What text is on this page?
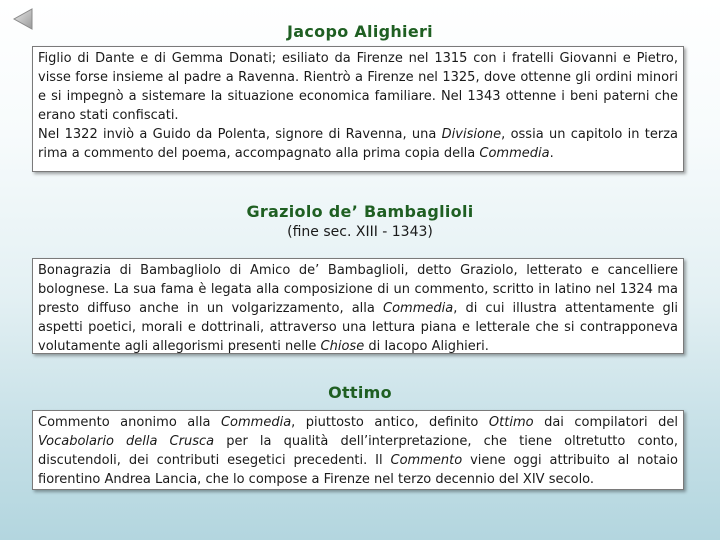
Jacopo Alighieri

Figlio di Dante e di Gemma Donati; esiliato da Firenze nel 1315 con i fratelli Giovanni e Pietro, visse forse insieme al padre a Ravenna. Rientrò a Firenze nel 1325, dove ottenne gli ordini minori e si impegnò a sistemare la situazione economica familiare. Nel 1343 ottenne i beni paterni che erano stati confiscati.

Nel 1322 inviò a Guido da Polenta, signore di Ravenna, una Divisione, ossia un capitolo in terza rima a commento del poema, accompagnato alla prima copia della Commedia.

Graziolo de’ Bambaglioli
(fine sec. XIII - 1343)

Bonagrazia di Bambagliolo di Amico de’ Bambaglioli, detto Graziolo, letterato e cancelliere bolognese. La sua fama è legata alla composizione di un commento, scritto in latino nel 1324 ma presto diffuso anche in un volgarizzamento, alla Commedia, di cui illustra attentamente gli aspetti poetici, morali e dottrinali, attraverso una lettura piana e letterale che si contrapponeva volutamente agli allegorismi presenti nelle Chiose di Iacopo Alighieri.

Ottimo

Commento anonimo alla Commedia, piuttosto antico, definito Ottimo dai compilatori del Vocabolario della Crusca per la qualità dell’interpretazione, che tiene oltretutto conto, discutendoli, dei contributi esegetici precedenti. Il Commento viene oggi attribuito al notaio fiorentino Andrea Lancia, che lo compose a Firenze nel terzo decennio del XIV secolo.
